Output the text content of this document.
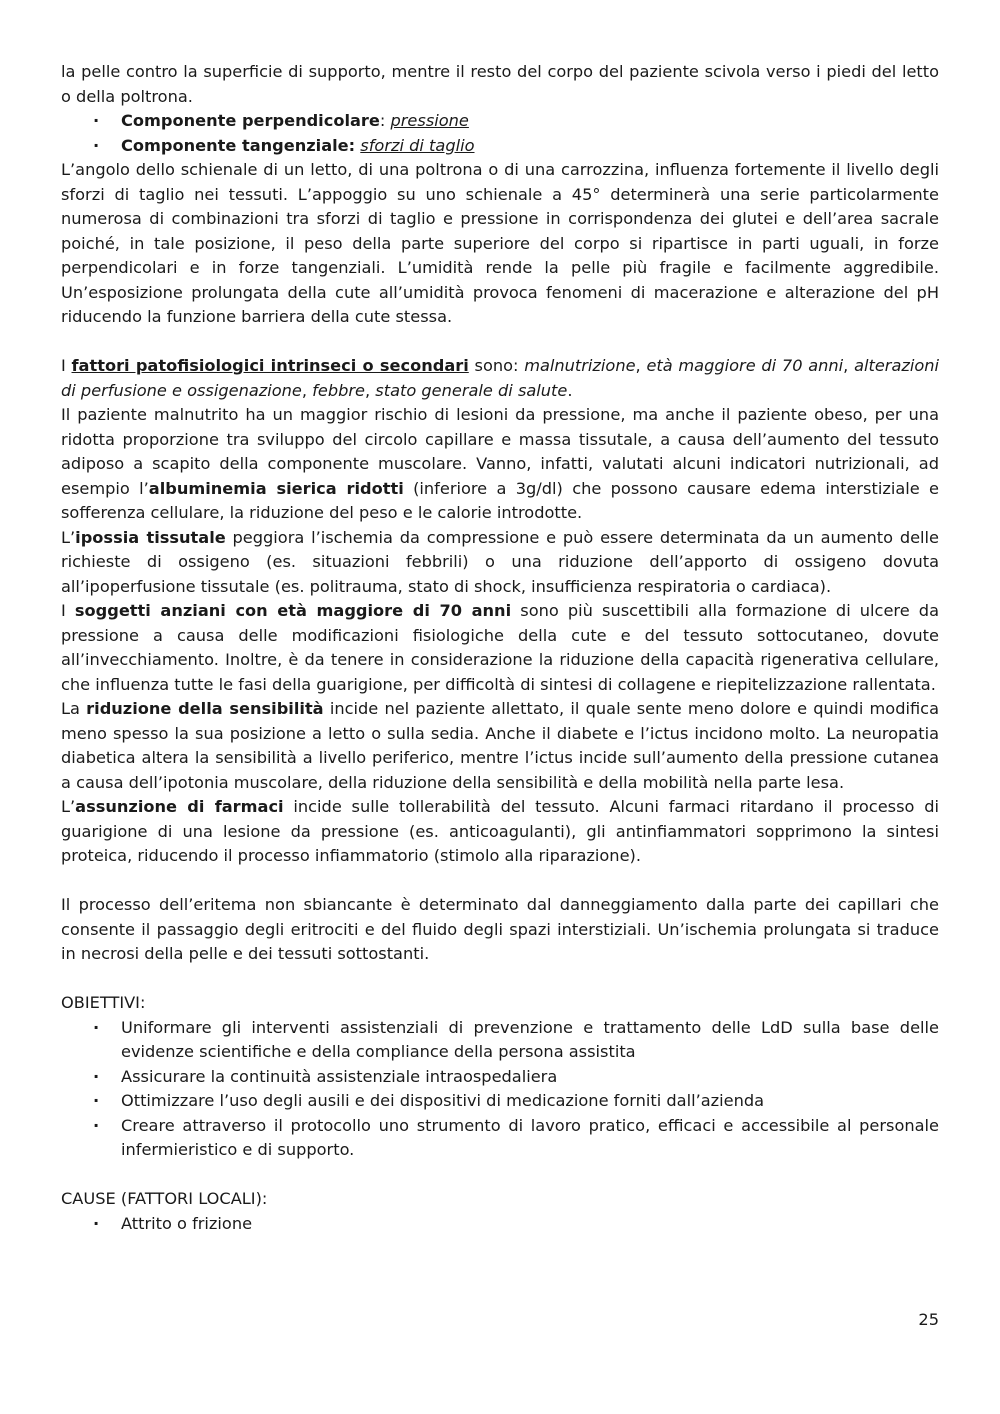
la pelle contro la superficie di supporto, mentre il resto del corpo del paziente scivola verso i piedi del letto o della poltrona.

· Componente perpendicolare: pressione
· Componente tangenziale: sforzi di taglio

L’angolo dello schienale di un letto, di una poltrona o di una carrozzina, influenza fortemente il livello degli sforzi di taglio nei tessuti. L’appoggio su uno schienale a 45° determinerà una serie particolarmente numerosa di combinazioni tra sforzi di taglio e pressione in corrispondenza dei glutei e dell’area sacrale poiché, in tale posizione, il peso della parte superiore del corpo si ripartisce in parti uguali, in forze perpendicolari e in forze tangenziali. L’umidità rende la pelle più fragile e facilmente aggredibile. Un’esposizione prolungata della cute all’umidità provoca fenomeni di macerazione e alterazione del pH riducendo la funzione barriera della cute stessa.

I fattori patofisiologici intrinseci o secondari sono: malnutrizione, età maggiore di 70 anni, alterazioni di perfusione e ossigenazione, febbre, stato generale di salute.

Il paziente malnutrito ha un maggior rischio di lesioni da pressione, ma anche il paziente obeso, per una ridotta proporzione tra sviluppo del circolo capillare e massa tissutale, a causa dell’aumento del tessuto adiposo a scapito della componente muscolare. Vanno, infatti, valutati alcuni indicatori nutrizionali, ad esempio l’albuminemia sierica ridotti (inferiore a 3g/dl) che possono causare edema interstiziale e sofferenza cellulare, la riduzione del peso e le calorie introdotte.

L’ipossia tissutale peggiora l’ischemia da compressione e può essere determinata da un aumento delle richieste di ossigeno (es. situazioni febbrili) o una riduzione dell’apporto di ossigeno dovuta all’ipoperfusione tissutale (es. politrauma, stato di shock, insufficienza respiratoria o cardiaca).

I soggetti anziani con età maggiore di 70 anni sono più suscettibili alla formazione di ulcere da pressione a causa delle modificazioni fisiologiche della cute e del tessuto sottocutaneo, dovute all’invecchiamento. Inoltre, è da tenere in considerazione la riduzione della capacità rigenerativa cellulare, che influenza tutte le fasi della guarigione, per difficoltà di sintesi di collagene e riepitelizzazione rallentata.

La riduzione della sensibilità incide nel paziente allettato, il quale sente meno dolore e quindi modifica meno spesso la sua posizione a letto o sulla sedia. Anche il diabete e l’ictus incidono molto. La neuropatia diabetica altera la sensibilità a livello periferico, mentre l’ictus incide sull’aumento della pressione cutanea a causa dell’ipotonia muscolare, della riduzione della sensibilità e della mobilità nella parte lesa.

L’assunzione di farmaci incide sulle tollerabilità del tessuto. Alcuni farmaci ritardano il processo di guarigione di una lesione da pressione (es. anticoagulanti), gli antinfiammatori sopprimono la sintesi proteica, riducendo il processo infiammatorio (stimolo alla riparazione).

Il processo dell’eritema non sbiancante è determinato dal danneggiamento dalla parte dei capillari che consente il passaggio degli eritrociti e del fluido degli spazi interstiziali. Un’ischemia prolungata si traduce in necrosi della pelle e dei tessuti sottostanti.

OBIETTIVI:

· Uniformare gli interventi assistenziali di prevenzione e trattamento delle LdD sulla base delle evidenze scientifiche e della compliance della persona assistita
· Assicurare la continuità assistenziale intraospedaliera
· Ottimizzare l’uso degli ausili e dei dispositivi di medicazione forniti dall’azienda
· Creare attraverso il protocollo uno strumento di lavoro pratico, efficaci e accessibile al personale infermieristico e di supporto.

CAUSE (FATTORI LOCALI):

· Attrito o frizione
25
